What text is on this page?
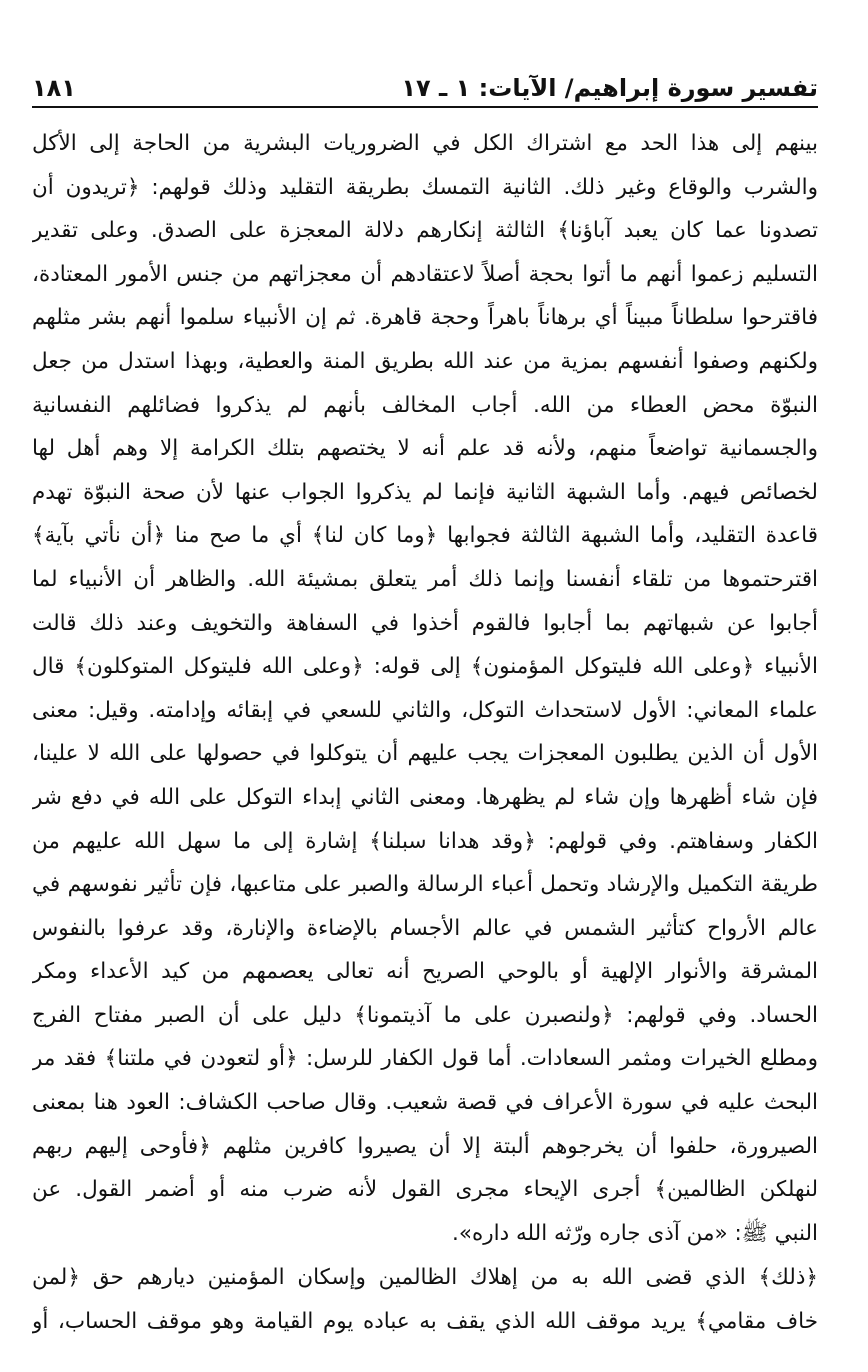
تفسير سورة إبراهيم/ الآيات: ١ ـ ١٧
١٨١
بينهم إلى هذا الحد مع اشتراك الكل في الضروريات البشرية من الحاجة إلى الأكل
والشرب والوقاع وغير ذلك. الثانية التمسك بطريقة التقليد وذلك قولهم: ﴿تريدون أن
تصدونا عما كان يعبد آباؤنا﴾ الثالثة إنكارهم دلالة المعجزة على الصدق. وعلى تقدير
التسليم زعموا أنهم ما أتوا بحجة أصلاً لاعتقادهم أن معجزاتهم من جنس الأمور المعتادة،
فاقترحوا سلطاناً مبيناً أي برهاناً باهراً وحجة قاهرة. ثم إن الأنبياء سلموا أنهم بشر مثلهم
ولكنهم وصفوا أنفسهم بمزية من عند الله بطريق المنة والعطية، وبهذا استدل من جعل
النبوّة محض العطاء من الله. أجاب المخالف بأنهم لم يذكروا فضائلهم النفسانية
والجسمانية تواضعاً منهم، ولأنه قد علم أنه لا يختصهم بتلك الكرامة إلا وهم أهل لها
لخصائص فيهم. وأما الشبهة الثانية فإنما لم يذكروا الجواب عنها لأن صحة النبوّة تهدم
قاعدة التقليد، وأما الشبهة الثالثة فجوابها ﴿وما كان لنا﴾ أي ما صح منا ﴿أن نأتي بآية﴾
اقترحتموها من تلقاء أنفسنا وإنما ذلك أمر يتعلق بمشيئة الله. والظاهر أن الأنبياء لما
أجابوا عن شبهاتهم بما أجابوا فالقوم أخذوا في السفاهة والتخويف وعند ذلك قالت
الأنبياء ﴿وعلى الله فليتوكل المؤمنون﴾ إلى قوله: ﴿وعلى الله فليتوكل المتوكلون﴾ قال
علماء المعاني: الأول لاستحداث التوكل، والثاني للسعي في إبقائه وإدامته. وقيل: معنى
الأول أن الذين يطلبون المعجزات يجب عليهم أن يتوكلوا في حصولها على الله لا علينا،
فإن شاء أظهرها وإن شاء لم يظهرها. ومعنى الثاني إبداء التوكل على الله في دفع شر
الكفار وسفاهتم. وفي قولهم: ﴿وقد هدانا سبلنا﴾ إشارة إلى ما سهل الله عليهم من
طريقة التكميل والإرشاد وتحمل أعباء الرسالة والصبر على متاعبها، فإن تأثير نفوسهم في
عالم الأرواح كتأثير الشمس في عالم الأجسام بالإضاءة والإنارة، وقد عرفوا بالنفوس
المشرقة والأنوار الإلهية أو بالوحي الصريح أنه تعالى يعصمهم من كيد الأعداء ومكر
الحساد. وفي قولهم: ﴿ولنصبرن على ما آذيتمونا﴾ دليل على أن الصبر مفتاح الفرج
ومطلع الخيرات ومثمر السعادات. أما قول الكفار للرسل: ﴿أو لتعودن في ملتنا﴾ فقد مر
البحث عليه في سورة الأعراف في قصة شعيب. وقال صاحب الكشاف: العود هنا بمعنى
الصيرورة، حلفوا أن يخرجوهم ألبتة إلا أن يصيروا كافرين مثلهم ﴿فأوحى إليهم ربهم
لنهلكن الظالمين﴾ أجرى الإيحاء مجرى القول لأنه ضرب منه أو أضمر القول. عن
النبي ﷺ: «من آذى جاره ورّثه الله داره».
﴿ذلك﴾ الذي قضى الله به من إهلاك الظالمين وإسكان المؤمنين ديارهم حق ﴿لمن
خاف مقامي﴾ يريد موقف الله الذي يقف به عباده يوم القيامة وهو موقف الحساب، أو
